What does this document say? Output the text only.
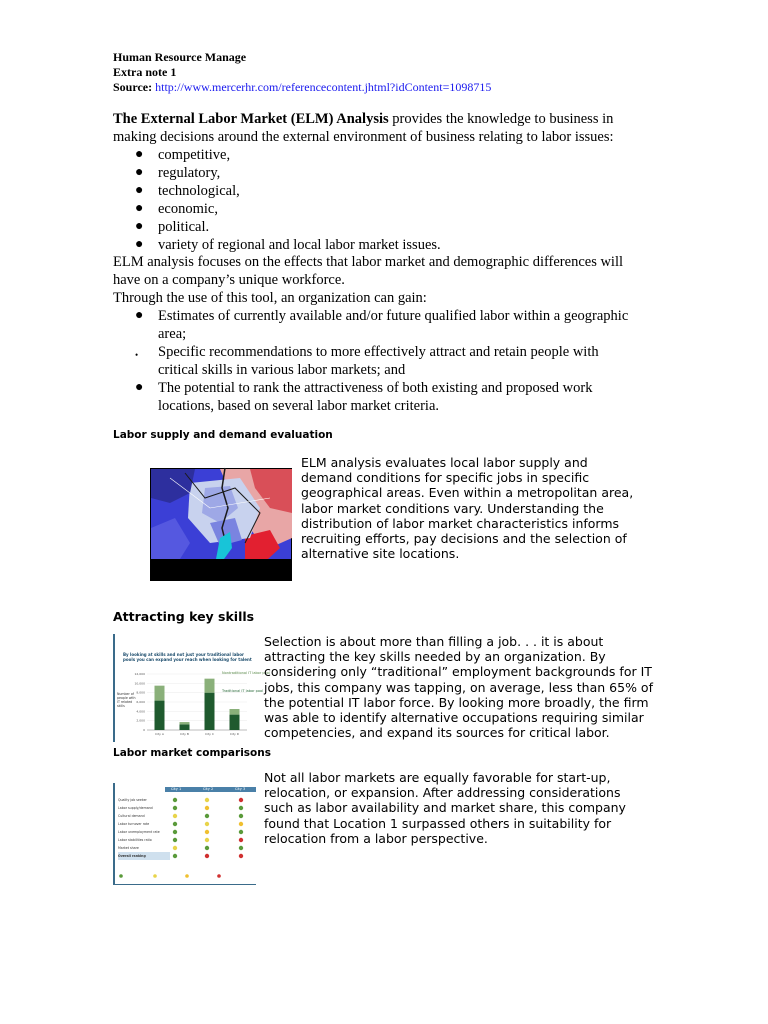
Human Resource Manage
Extra note 1
Source: http://www.mercerhr.com/referencecontent.jhtml?idContent=1098715
The External Labor Market (ELM) Analysis provides the knowledge to business in
making decisions around the external environment of business relating to labor issues:
● competitive,
● regulatory,
● technological,
● economic,
● political.
● variety of regional and local labor market issues.
ELM analysis focuses on the effects that labor market and demographic differences will
have on a company’s unique workforce.
Through the use of this tool, an organization can gain:
● Estimates of currently available and/or future qualified labor within a geographic
area;
• Specific recommendations to more effectively attract and retain people with
critical skills in various labor markets; and
● The potential to rank the attractiveness of both existing and proposed work
locations, based on several labor market criteria.
Labor supply and demand evaluation
ELM analysis evaluates local labor supply and
demand conditions for specific jobs in specific
geographical areas. Even within a metropolitan area,
labor market conditions vary. Understanding the
distribution of labor market characteristics informs
recruiting efforts, pay decisions and the selection of
alternative site locations.
Attracting key skills
By looking at skills and not just your traditional labor pools you can expand your reach when looking for talent
Number of people with IT related skills
12,000
10,000
8,000
6,000
4,000
2,000
0
City A	City B	City C	City D
Nontraditional IT labor pool
Traditional IT labor pool
Selection is about more than filling a job. . . it is about
attracting the key skills needed by an organization. By
considering only “traditional” employment backgrounds for IT
jobs, this company was tapping, on average, less than 65% of
the potential IT labor force. By looking more broadly, the firm
was able to identify alternative occupations requiring similar
competencies, and expand its sources for critical labor.
Labor market comparisons
City 1	City 2	City 3
Quality job seeker
Labor supply/demand
Cultural demand
Labor turnover rate
Labor unemployment rate
Labor stabilities ratio
Market share
Overall ranking
Not all labor markets are equally favorable for start-up,
relocation, or expansion. After addressing considerations
such as labor availability and market share, this company
found that Location 1 surpassed others in suitability for
relocation from a labor perspective.
